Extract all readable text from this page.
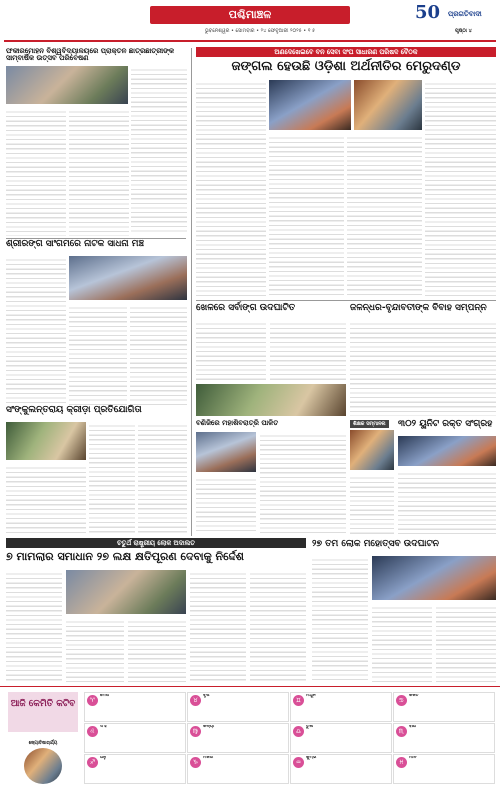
ପଶ୍ଚିମାଞ୍ଚଳ
ଭୁବନେଶ୍ୱର • ସୋମବାର • ୨୪ ଫେବୃଆରୀ ୨୦୨୫ • ୧ ୫
50	ପ୍ରଗତିବାଦୀ
ପୃଷ୍ଠା ୪
ଫକୀରମୋହନ ବିଶ୍ୱବିଦ୍ୟାଳୟରେ ପ୍ରାକ୍ତନ ଛାତ୍ରଛାତ୍ରୀଙ୍କ ସାମ୍ବାର୍ଷିକ ଉତ୍ସବ ପରିବେଷଣ
ଶ୍ରୀରଙ୍ଗ ସାଂଗମରେ ନାଟକ ସାଧନା ମଞ୍ଚ
ସଂଙ୍କୁଲନ୍ତରାୟ କ୍ରୀଡ଼ା ପ୍ରତିଯୋଗିତା
ଅଣଦେଖେଇବେ ବନ ସେବା ସଂଘ ସାଧାରଣ ପରିଷଦ ବୈଠକ
ଜଙ୍ଗଲ ହେଉଛି ଓଡ଼ିଶା ଅର୍ଥନୀତିର ମେରୁଦଣ୍ଡ
ଖେଳରେ ସର୍ବାଙ୍ଗ ଉଦଘାଟିତ	ଜଳନ୍ଧର-ବୃନ୍ଦାବତୀଙ୍କ ବିବାହ ସମ୍ପନ୍ନ
ବଣିଜିରେ ମହାଶିବରାତ୍ରି ପାଳିତ	ଶିକ୍ଷକ ସମ୍ମାନନା	୩୦୨ ୟୁନିଟ ରକ୍ତ ସଂଗ୍ରହ
ଚତୁର୍ଥ ରାଷ୍ଟ୍ରୀୟ ଲୋକ ଅଦାଲତ
୭ ମାମଲାର ସମାଧାନ ୨୭ ଲକ୍ଷ କ୍ଷତିପୂରଣ ଦେବାକୁ ନିର୍ଦ୍ଦେଶ
୨୭ ତମ ଲୋକ ମହୋତ୍ସବ ଉଦଘାଟନ
ଆଜି କେମିତି କଟିବ
ଜ୍ୟୋତିଷାଚାର୍ଯ୍ୟ
♈
ମେଷ
♉
ବୃଷ
♊
ମିଥୁନ
♋
କର୍କଟ
♌
ସିଂହ
♍
କନ୍ୟା
♎
ତୁଳା
♏
ବିଛା
♐
ଧନୁ
♑
ମକର
♒
କୁମ୍ଭ
♓
ମୀନ
